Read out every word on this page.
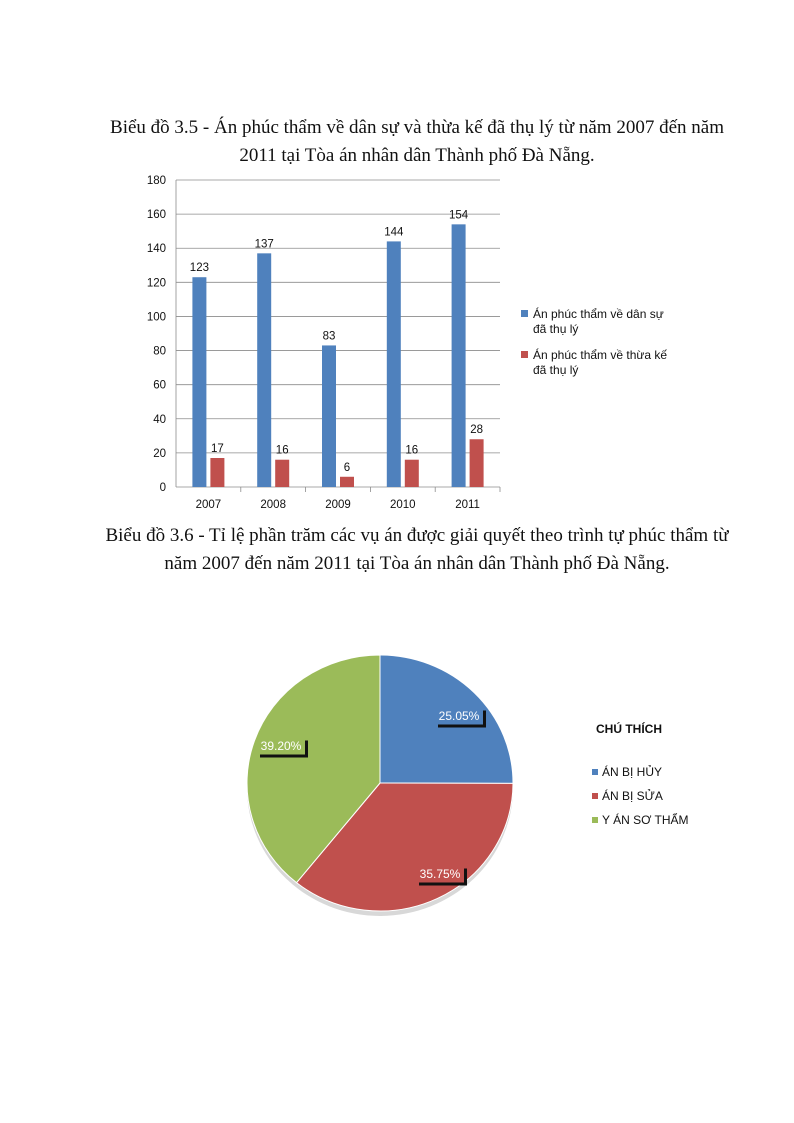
Biểu đồ 3.5 - Án phúc thẩm về dân sự và thừa kế đã thụ lý từ năm 2007 đến năm 2011 tại Tòa án nhân dân Thành phố Đà Nẵng.
Biểu đồ 3.6 - Tỉ lệ phần trăm các vụ án được giải quyết theo trình tự phúc thẩm từ năm 2007 đến năm 2011 tại Tòa án nhân dân Thành phố Đà Nẵng.
0
20
40
60
80
100
120
140
160
180
2007
123
17
2008
137
16
2009
83
6
2010
144
16
2011
154
28
Án phúc thẩm về dân sự đã thụ lý
Án phúc thẩm về thừa kế đã thụ lý
25.05%
35.75%
39.20%
CHÚ THÍCH
ÁN BỊ HỦY
ÁN BỊ SỬA
Y ÁN SƠ THẨM
